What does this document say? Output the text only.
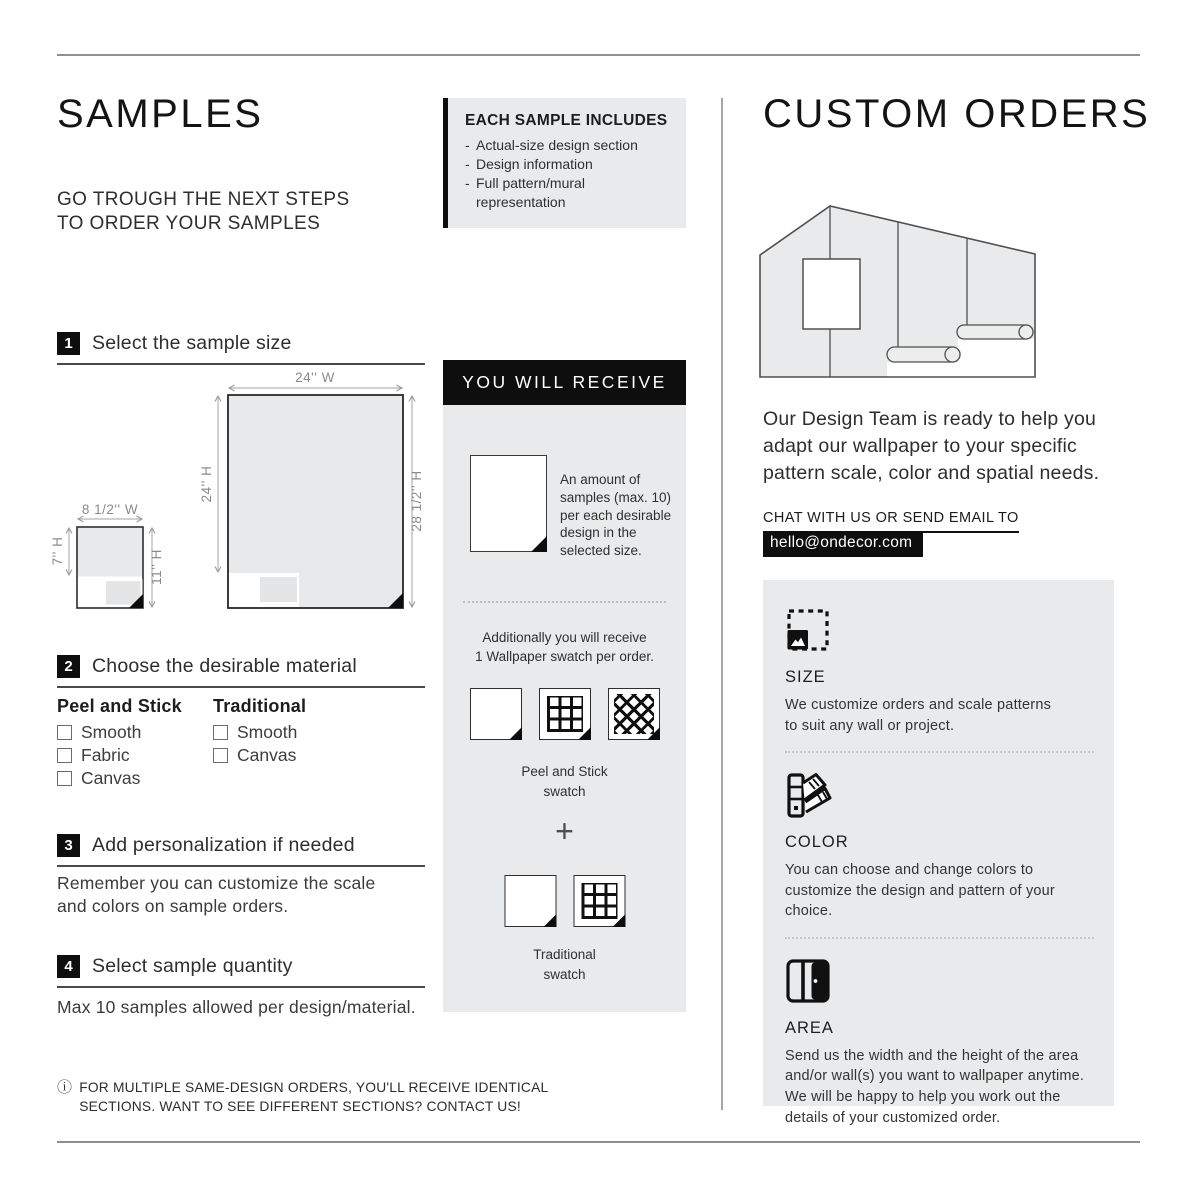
SAMPLES
GO TROUGH THE NEXT STEPS
TO ORDER YOUR SAMPLES
1 Select the sample size
8 1/2'' W
7'' H	11'' H
24'' W
24'' H	28 1/2'' H
2 Choose the desirable material
Peel and Stick
Smooth
Fabric
Canvas
Traditional
Smooth
Canvas
3 Add personalization if needed
Remember you can customize the scale
and colors on sample orders.
4 Select sample quantity
Max 10 samples allowed per design/material.
ⓘ FOR MULTIPLE SAME-DESIGN ORDERS, YOU'LL RECEIVE IDENTICAL
SECTIONS. WANT TO SEE DIFFERENT SECTIONS? CONTACT US!
EACH SAMPLE INCLUDES
- Actual-size design section
- Design information
- Full pattern/mural representation
YOU WILL RECEIVE
An amount of
samples (max. 10)
per each desirable
design in the
selected size.
Additionally you will receive
1 Wallpaper swatch per order.
Peel and Stick
swatch
+
Traditional
swatch
CUSTOM ORDERS
Our Design Team is ready to help you
adapt our wallpaper to your specific
pattern scale, color and spatial needs.
CHAT WITH US OR SEND EMAIL TO
hello@ondecor.com
SIZE
We customize orders and scale patterns
to suit any wall or project.
COLOR
You can choose and change colors to
customize the design and pattern of your
choice.
AREA
Send us the width and the height of the area
and/or wall(s) you want to wallpaper anytime.
We will be happy to help you work out the
details of your customized order.
